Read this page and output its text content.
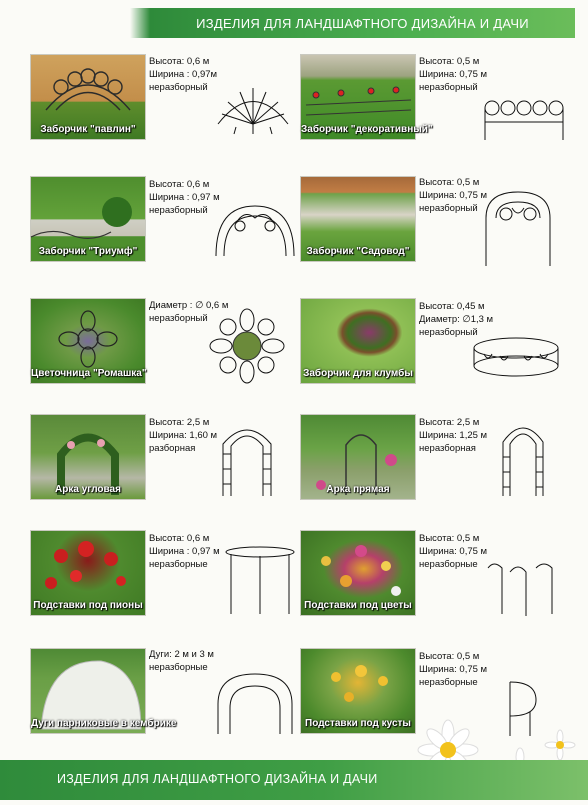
ИЗДЕЛИЯ ДЛЯ ЛАНДШАФТНОГО ДИЗАЙНА И ДАЧИ
Заборчик "павлин"
Высота: 0,6 м
Ширина : 0,97м
неразборный
Заборчик "декоративный"
Высота: 0,5 м
Ширина: 0,75 м
неразборный
Заборчик "Триумф"
Высота: 0,6 м
Ширина : 0,97 м
неразборный
Заборчик "Садовод"
Высота: 0,5 м
Ширина: 0,75 м
неразборный
Цветочница "Ромашка"
Диаметр : ∅ 0,6 м
неразборный
Заборчик для клумбы
Высота: 0,45 м
Диаметр: ∅1,3 м
неразборный
Арка угловая
Высота: 2,5 м
Ширина: 1,60 м
разборная
Арка прямая
Высота: 2,5 м
Ширина: 1,25 м
неразборная
Подставки под пионы
Высота: 0,6 м
Ширина : 0,97 м
неразборные
Подставки под цветы
Высота: 0,5 м
Ширина: 0,75 м
неразборные
Дуги парниковые в кембрике
Дуги: 2 м и 3 м
неразборные
Подставки под кусты
Высота: 0,5 м
Ширина: 0,75 м
неразборные
ИЗДЕЛИЯ ДЛЯ ЛАНДШАФТНОГО ДИЗАЙНА И ДАЧИ
